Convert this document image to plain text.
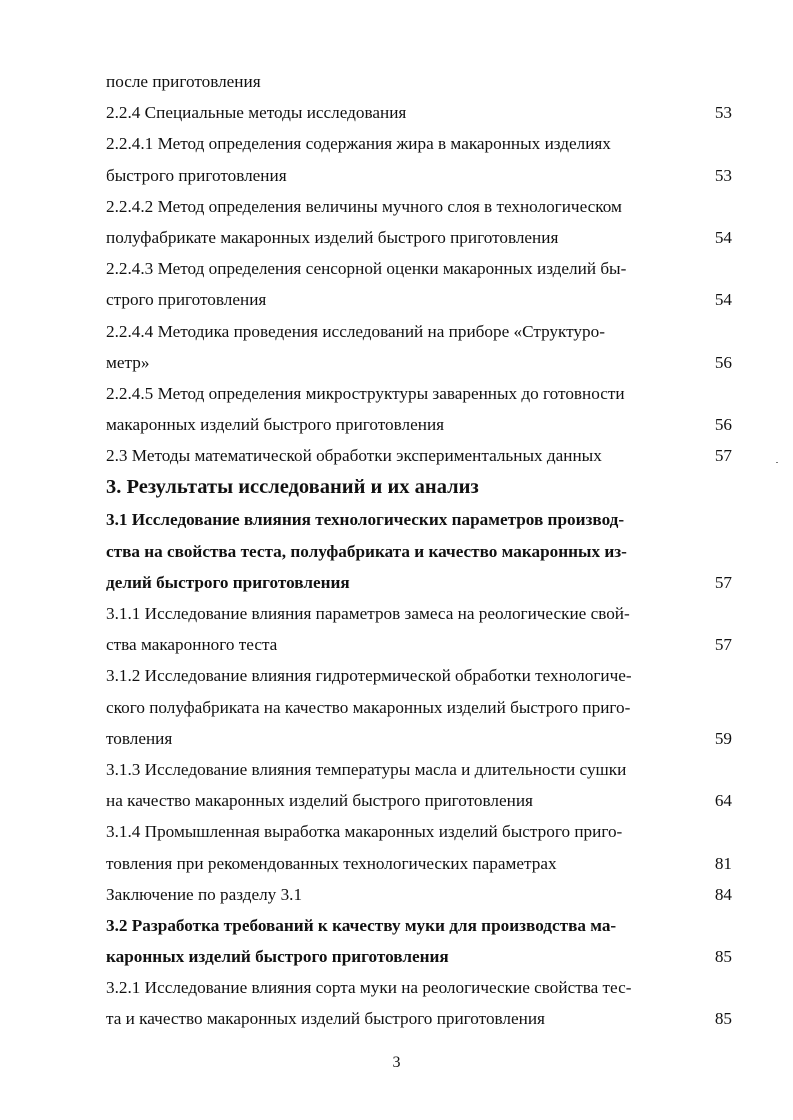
после приготовления
2.2.4 Специальные методы исследования	53
2.2.4.1 Метод определения содержания жира в макаронных изделиях
быстрого приготовления	53
2.2.4.2 Метод определения величины мучного слоя в технологическом
полуфабрикате макаронных изделий быстрого приготовления	54
2.2.4.3 Метод определения сенсорной оценки макаронных изделий бы-
строго приготовления	54
2.2.4.4 Методика проведения исследований на приборе «Структуро-
метр»	56
2.2.4.5 Метод определения микроструктуры заваренных до готовности
макаронных изделий быстрого приготовления	56
2.3 Методы математической обработки экспериментальных данных	57
3. Результаты исследований и их анализ
3.1 Исследование влияния технологических параметров производ-
ства на свойства теста, полуфабриката и качество макаронных из-
делий быстрого приготовления	57
3.1.1 Исследование влияния параметров замеса на реологические свой-
ства макаронного теста	57
3.1.2 Исследование влияния гидротермической обработки технологиче-
ского полуфабриката на качество макаронных изделий быстрого приго-
товления	59
3.1.3 Исследование влияния температуры масла и длительности сушки
на качество макаронных изделий быстрого приготовления	64
3.1.4 Промышленная выработка макаронных изделий быстрого приго-
товления при рекомендованных технологических параметрах	81
Заключение по разделу 3.1	84
3.2 Разработка требований к качеству муки для производства ма-
каронных изделий быстрого приготовления	85
3.2.1 Исследование влияния сорта муки на реологические свойства тес-
та и качество макаронных изделий быстрого приготовления	85
3
